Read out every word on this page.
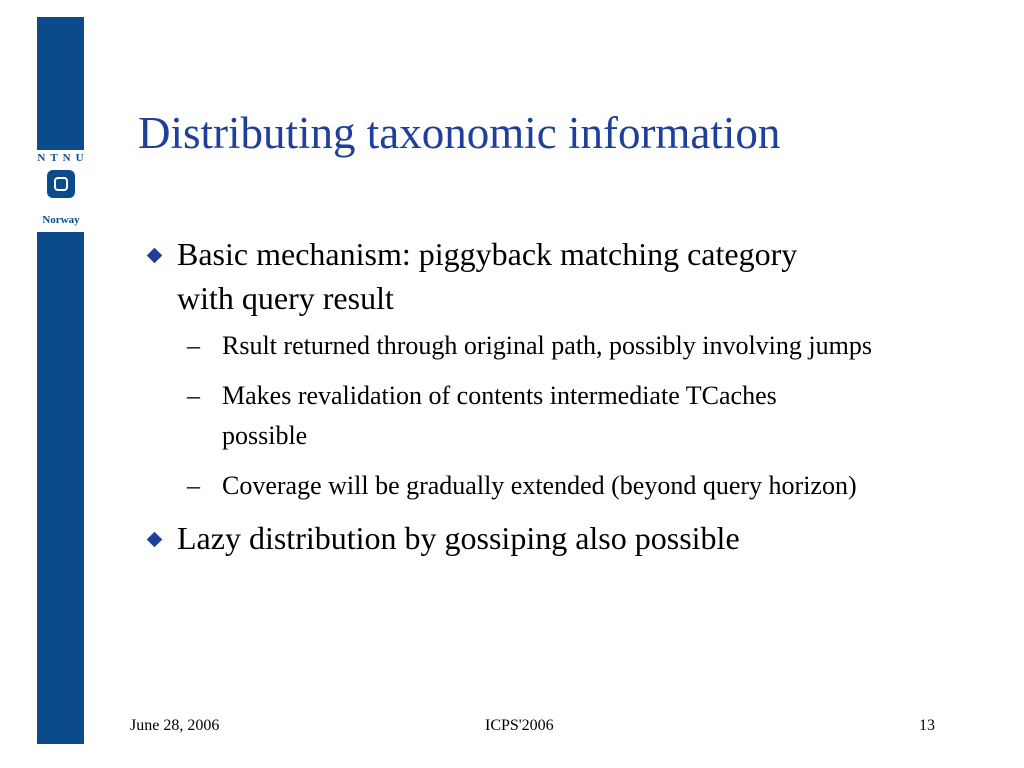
NTNU
Norway
Distributing taxonomic information
Basic mechanism: piggyback matching category with query result
– Rsult returned through original path, possibly involving jumps
– Makes revalidation of contents intermediate TCaches possible
– Coverage will be gradually extended (beyond query horizon)
Lazy distribution by gossiping also possible
June 28, 2006	ICPS'2006	13
